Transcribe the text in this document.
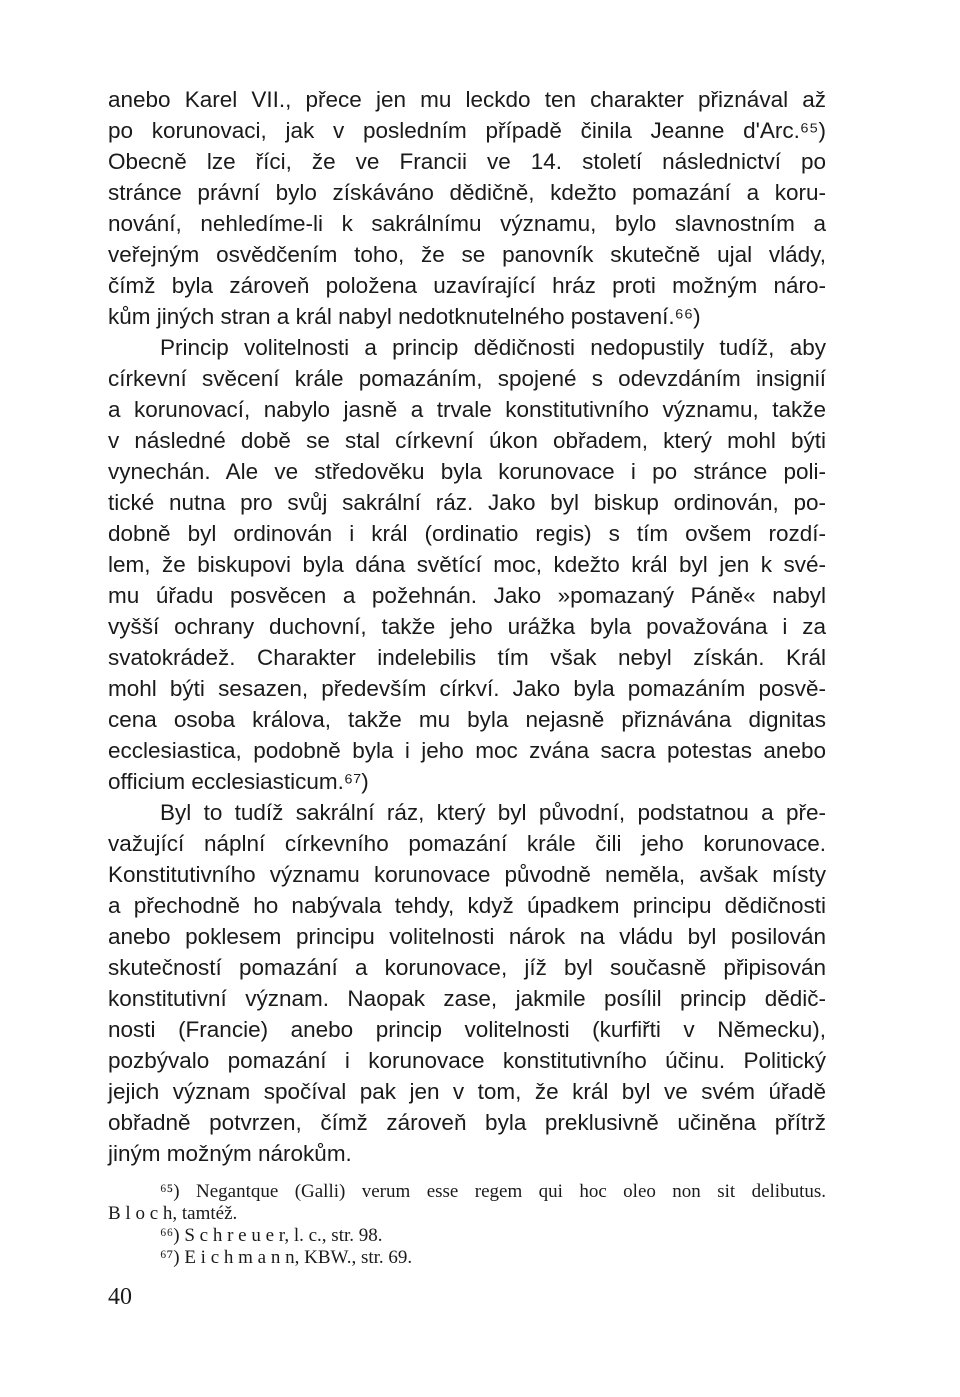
anebo Karel VII., přece jen mu leckdo ten charakter přiznával až
po korunovaci, jak v posledním případě činila Jeanne d'Arc.⁶⁵)
Obecně lze říci, že ve Francii ve 14. století následnictví po
stránce právní bylo získáváno dědičně, kdežto pomazání a koru-
nování, nehledíme-li k sakrálnímu významu, bylo slavnostním a
veřejným osvědčením toho, že se panovník skutečně ujal vlády,
čímž byla zároveň položena uzavírající hráz proti možným náro-
kům jiných stran a král nabyl nedotknutelného postavení.⁶⁶)
Princip volitelnosti a princip dědičnosti nedopustily tudíž, aby
církevní svěcení krále pomazáním, spojené s odevzdáním insignií
a korunovací, nabylo jasně a trvale konstitutivního významu, takže
v následné době se stal církevní úkon obřadem, který mohl býti
vynechán. Ale ve středověku byla korunovace i po stránce poli-
tické nutna pro svůj sakrální ráz. Jako byl biskup ordinován, po-
dobně byl ordinován i král (ordinatio regis) s tím ovšem rozdí-
lem, že biskupovi byla dána světící moc, kdežto král byl jen k své-
mu úřadu posvěcen a požehnán. Jako »pomazaný Páně« nabyl
vyšší ochrany duchovní, takže jeho urážka byla považována i za
svatokrádež. Charakter indelebilis tím však nebyl získán. Král
mohl býti sesazen, především církví. Jako byla pomazáním posvě-
cena osoba králova, takže mu byla nejasně přiznávána dignitas
ecclesiastica, podobně byla i jeho moc zvána sacra potestas anebo
officium ecclesiasticum.⁶⁷)
Byl to tudíž sakrální ráz, který byl původní, podstatnou a pře-
važující náplní církevního pomazání krále čili jeho korunovace.
Konstitutivního významu korunovace původně neměla, avšak místy
a přechodně ho nabývala tehdy, když úpadkem principu dědičnosti
anebo poklesem principu volitelnosti nárok na vládu byl posilován
skutečností pomazání a korunovace, jíž byl současně připisován
konstitutivní význam. Naopak zase, jakmile posílil princip dědič-
nosti (Francie) anebo princip volitelnosti (kurfiřti v Německu),
pozbývalo pomazání i korunovace konstitutivního účinu. Politický
jejich význam spočíval pak jen v tom, že král byl ve svém úřadě
obřadně potvrzen, čímž zároveň byla preklusivně učiněna přítrž
jiným možným nárokům.
⁶⁵) Negantque (Galli) verum esse regem qui hoc oleo non sit delibutus.
B l o c h, tamtéž.
⁶⁶) S c h r e u e r, l. c., str. 98.
⁶⁷) E i c h m a n n, KBW., str. 69.
40
